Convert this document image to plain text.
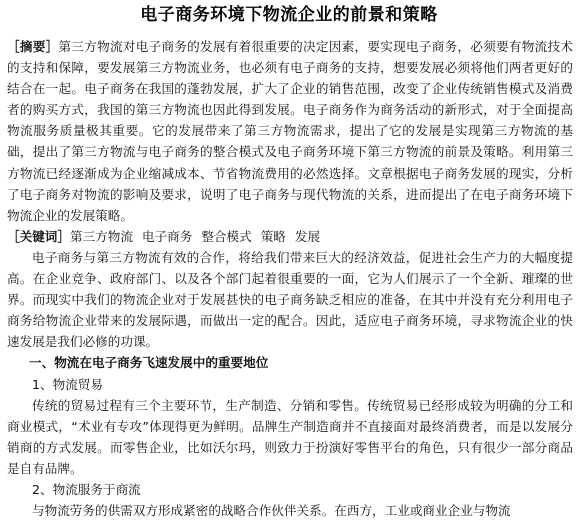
电子商务环境下物流企业的前景和策略

［摘要］第三方物流对电子商务的发展有着很重要的决定因素，要实现电子商务，必须要有物流技术的支持和保障，要发展第三方物流业务，也必须有电子商务的支持，想要发展必须将他们两者更好的结合在一起。电子商务在我国的蓬勃发展，扩大了企业的销售范围，改变了企业传统销售模式及消费者的购买方式，我国的第三方物流也因此得到发展。电子商务作为商务活动的新形式，对于全面提高物流服务质量极其重要。它的发展带来了第三方物流需求，提出了它的发展是实现第三方物流的基础，提出了第三方物流与电子商务的整合模式及电子商务环境下第三方物流的前景及策略。利用第三方物流已经逐渐成为企业缩减成本、节省物流费用的必然选择。文章根据电子商务发展的现实，分析了电子商务对物流的影响及要求，说明了电子商务与现代物流的关系，进而提出了在电子商务环境下物流企业的发展策略。

［关键词］第三方物流 电子商务 整合模式 策略 发展

电子商务与第三方物流有效的合作，将给我们带来巨大的经济效益，促进社会生产力的大幅度提高。在企业竞争、政府部门、以及各个部门起着很重要的一面，它为人们展示了一个全新、璀璨的世界。而现实中我们的物流企业对于发展甚快的电子商务缺乏相应的准备，在其中并没有充分利用电子商务给物流企业带来的发展际遇，而做出一定的配合。因此，适应电子商务环境，寻求物流企业的快速发展是我们必修的功课。

一、物流在电子商务飞速发展中的重要地位

1、物流贸易

传统的贸易过程有三个主要环节，生产制造、分销和零售。传统贸易已经形成较为明确的分工和商业模式，“术业有专攻”体现得更为鲜明。品牌生产制造商并不直接面对最终消费者，而是以发展分销商的方式发展。而零售企业，比如沃尔玛，则致力于扮演好零售平台的角色，只有很少一部分商品是自有品牌。

2、物流服务于商流

与物流劳务的供需双方形成紧密的战略合作伙伴关系。在西方，工业或商业企业与物流
